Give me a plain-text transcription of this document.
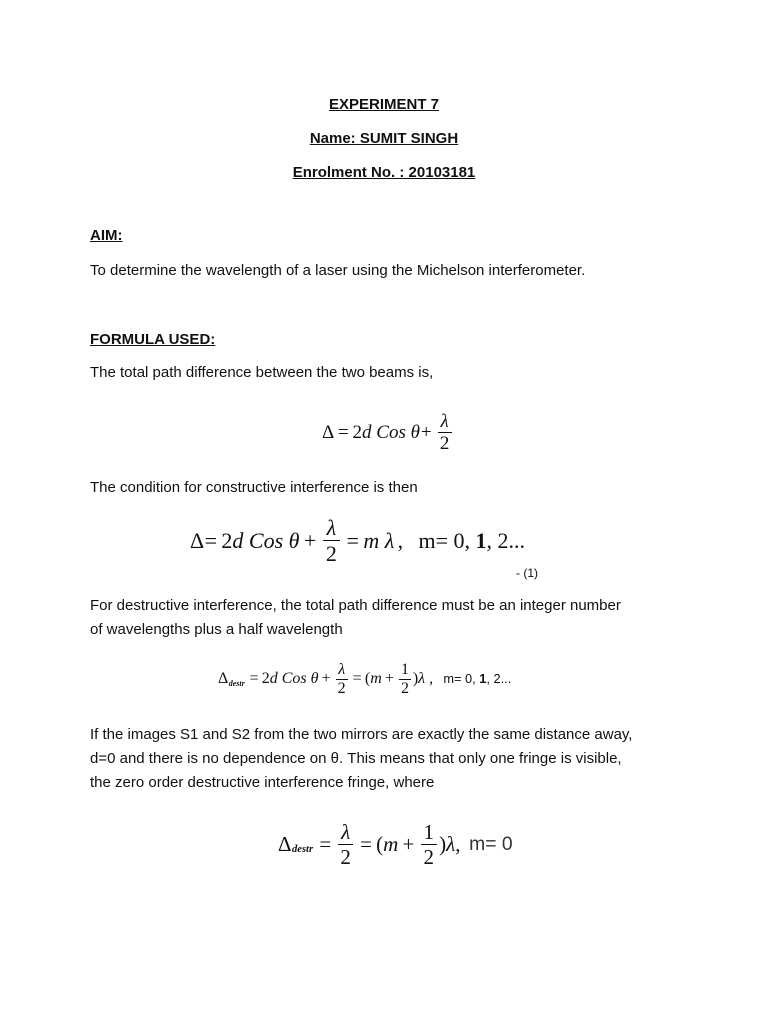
EXPERIMENT 7
Name: SUMIT SINGH
Enrolment No. : 20103181
AIM:
To determine the wavelength of a laser using the Michelson interferometer.
FORMULA USED:
The total path difference between the two beams is,
Δ = 2 d Cos $\theta + \frac{\lambda}{2}$
The condition for constructive interference is then
Δ = 2 d Cos $\theta + \frac{\lambda}{2} = m$ λ , m= 0, 1, 2...
- (1)
For destructive interference, the total path difference must be an integer number
of wavelengths plus a half wavelength
Δ destr = 2 d Cos $\theta + \frac{\lambda}{2}$ = ( $m + \frac{1}{2}$ ) λ , m= 0, 1, 2...
If the images S1 and S2 from the two mirrors are exactly the same distance away,
d=0 and there is no dependence on θ. This means that only one fringe is visible,
the zero order destructive interference fringe, where
Δ destr = $\frac{\lambda}{2}$ = ( $m + \frac{1}{2}$ ) λ , m= 0
